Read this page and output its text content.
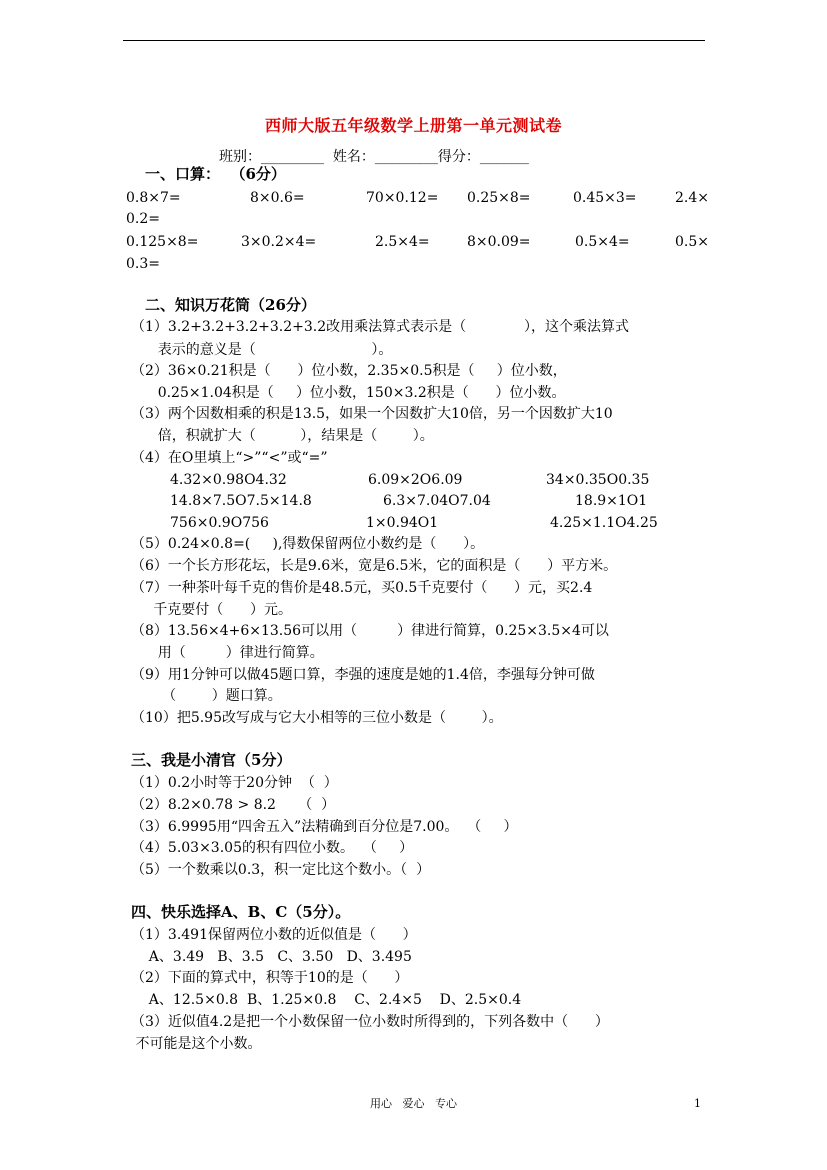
西师大版五年级数学上册第一单元测试卷
班别：_________  姓名：_________得分：_______
一、口算：  （6分）
0.8×7=	8×0.6=	70×0.12= 0.25×8=	0.45×3=	2.4×
0.2=
0.125×8=	3×0.2×4=	2.5×4=	8×0.09=	0.5×4=	0.5×
0.3=
二、知识万花筒（26分）
（1）3.2+3.2+3.2+3.2+3.2改用乘法算式表示是（             ），这个乘法算式
表示的意义是（                          ）。
（2）36×0.21积是（      ）位小数，2.35×0.5积是（     ）位小数，
0.25×1.04积是（     ）位小数，150×3.2积是（      ）位小数。
（3）两个因数相乘的积是13.5，如果一个因数扩大10倍，另一个因数扩大10
倍，积就扩大（          ），结果是（        ）。
（4）在O里填上“>”“<”或“=”
4.32×0.98O4.32	6.09×2O6.09	34×0.35O0.35
14.8×7.5O7.5×14.8	6.3×7.04O7.04	18.9×1O1
756×0.9O756	1×0.94O1	4.25×1.1O4.25
（5）0.24×0.8=(     ),得数保留两位小数约是（      ）。
（6）一个长方形花坛，长是9.6米，宽是6.5米，它的面积是（      ）平方米。
（7）一种茶叶每千克的售价是48.5元，买0.5千克要付（      ）元，买2.4
千克要付（      ）元。
（8）13.56×4+6×13.56可以用（         ）律进行简算，0.25×3.5×4可以
用（         ）律进行简算。
（9）用1分钟可以做45题口算，李强的速度是她的1.4倍，李强每分钟可做
（        ）题口算。
（10）把5.95改写成与它大小相等的三位小数是（        ）。
三、我是小清官（5分）
（1）0.2小时等于20分钟  （  ）
（2）8.2×0.78 > 8.2     （  ）
（3）6.9995用“四舍五入”法精确到百分位是7.00。  （     ）
（4）5.03×3.05的积有四位小数。  （     ）
（5）一个数乘以0.3，积一定比这个数小。（  ）
四、快乐选择A、B、C（5分）。
（1）3.491保留两位小数的近似值是（      ）
A、3.49   B、3.5   C、3.50   D、3.495
（2）下面的算式中，积等于10的是（      ）
A、12.5×0.8  B、1.25×0.8    C、2.4×5    D、2.5×0.4
（3）近似值4.2是把一个小数保留一位小数时所得到的，下列各数中（      ）
不可能是这个小数。
用心   爱心   专心	1
